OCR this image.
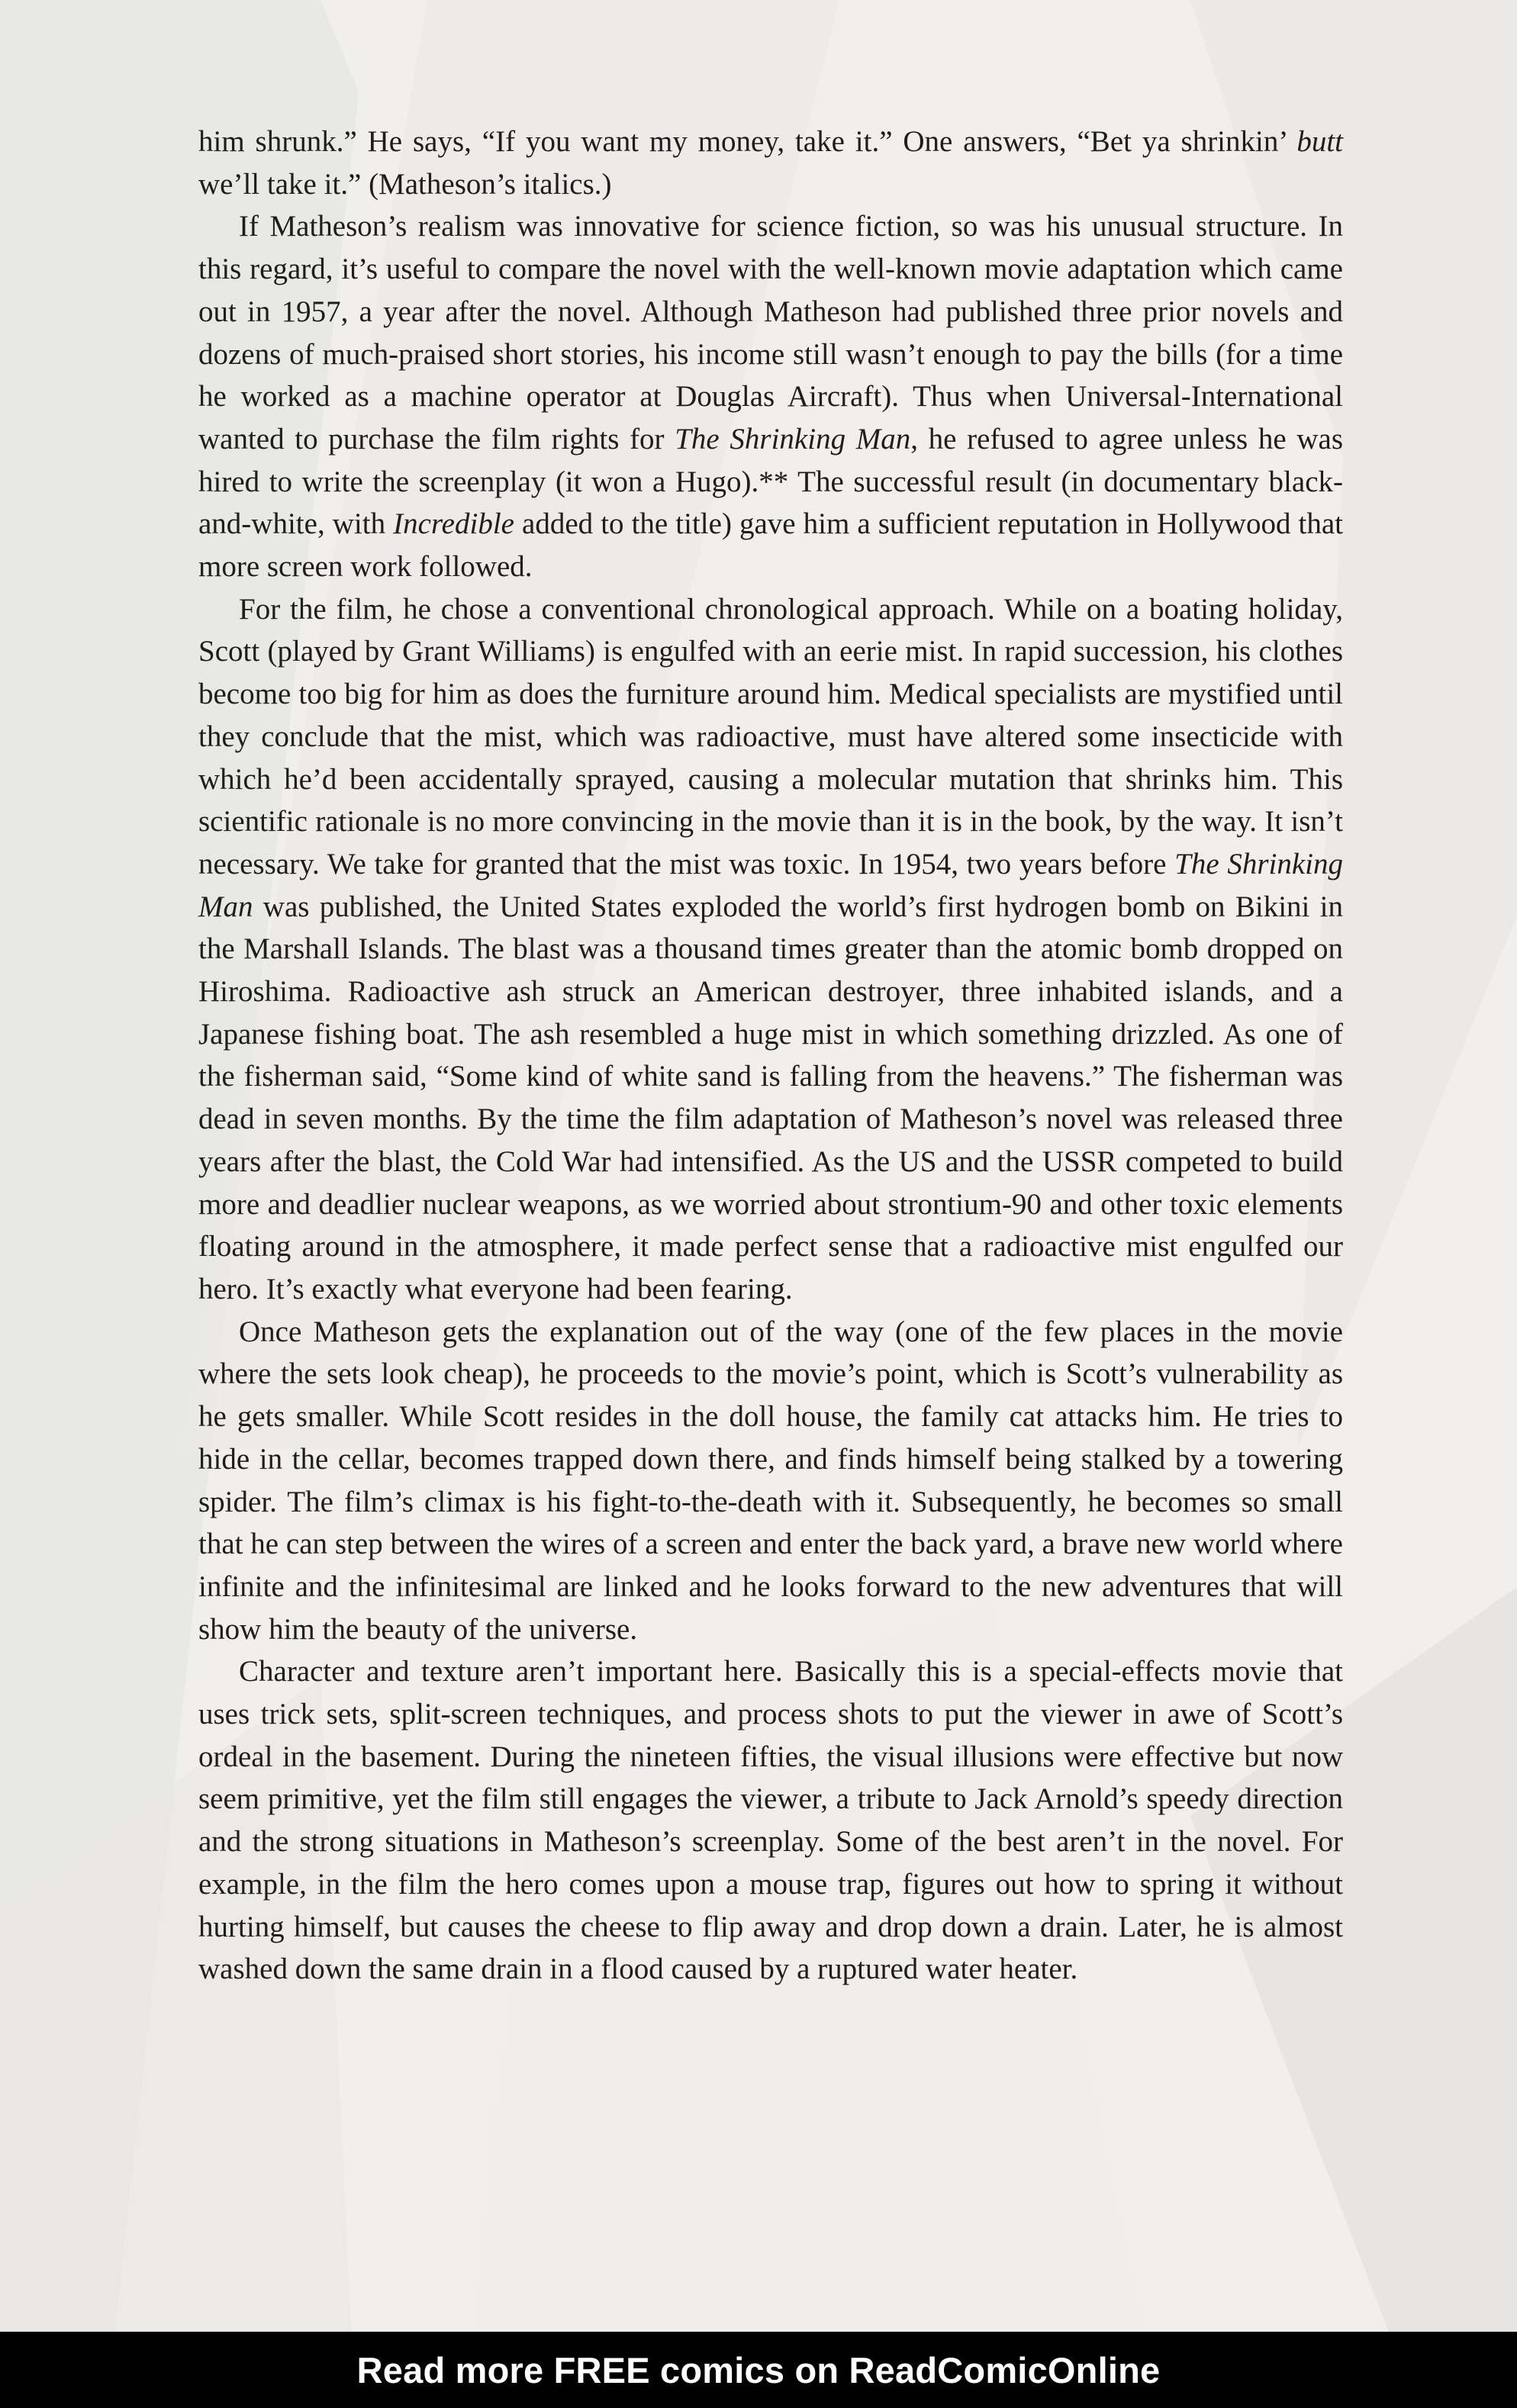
him shrunk.” He says, “If you want my money, take it.” One answers, “Bet ya shrinkin’ butt we’ll take it.” (Matheson’s italics.)

If Matheson’s realism was innovative for science fiction, so was his unusual structure. In this regard, it’s useful to compare the novel with the well-known movie adaptation which came out in 1957, a year after the novel. Although Matheson had published three prior novels and dozens of much-praised short stories, his income still wasn’t enough to pay the bills (for a time he worked as a machine operator at Douglas Aircraft). Thus when Universal-International wanted to purchase the film rights for The Shrinking Man, he refused to agree unless he was hired to write the screenplay (it won a Hugo).** The successful result (in documentary black-and-white, with Incredible added to the title) gave him a sufficient reputation in Hollywood that more screen work followed.

For the film, he chose a conventional chronological approach. While on a boating holiday, Scott (played by Grant Williams) is engulfed with an eerie mist. In rapid succession, his clothes become too big for him as does the furniture around him. Medical specialists are mystified until they conclude that the mist, which was radioactive, must have altered some insecticide with which he’d been accidentally sprayed, causing a molecular mutation that shrinks him. This scientific rationale is no more convincing in the movie than it is in the book, by the way. It isn’t necessary. We take for granted that the mist was toxic. In 1954, two years before The Shrinking Man was published, the United States exploded the world’s first hydrogen bomb on Bikini in the Marshall Islands. The blast was a thousand times greater than the atomic bomb dropped on Hiroshima. Radioactive ash struck an American destroyer, three inhabited islands, and a Japanese fishing boat. The ash resembled a huge mist in which something drizzled. As one of the fisherman said, “Some kind of white sand is falling from the heavens.” The fisherman was dead in seven months. By the time the film adaptation of Matheson’s novel was released three years after the blast, the Cold War had intensified. As the US and the USSR competed to build more and deadlier nuclear weapons, as we worried about strontium-90 and other toxic elements floating around in the atmosphere, it made perfect sense that a radioactive mist engulfed our hero. It’s exactly what everyone had been fearing.

Once Matheson gets the explanation out of the way (one of the few places in the movie where the sets look cheap), he proceeds to the movie’s point, which is Scott’s vulnerability as he gets smaller. While Scott resides in the doll house, the family cat attacks him. He tries to hide in the cellar, becomes trapped down there, and finds himself being stalked by a towering spider. The film’s climax is his fight-to-the-death with it. Subsequently, he becomes so small that he can step between the wires of a screen and enter the back yard, a brave new world where infinite and the infinitesimal are linked and he looks forward to the new adventures that will show him the beauty of the universe.

Character and texture aren’t important here. Basically this is a special-effects movie that uses trick sets, split-screen techniques, and process shots to put the viewer in awe of Scott’s ordeal in the basement. During the nineteen fifties, the visual illusions were effective but now seem primitive, yet the film still engages the viewer, a tribute to Jack Arnold’s speedy direction and the strong situations in Matheson’s screenplay. Some of the best aren’t in the novel. For example, in the film the hero comes upon a mouse trap, figures out how to spring it without hurting himself, but causes the cheese to flip away and drop down a drain. Later, he is almost washed down the same drain in a flood caused by a ruptured water heater.

Read more FREE comics on ReadComicOnline
